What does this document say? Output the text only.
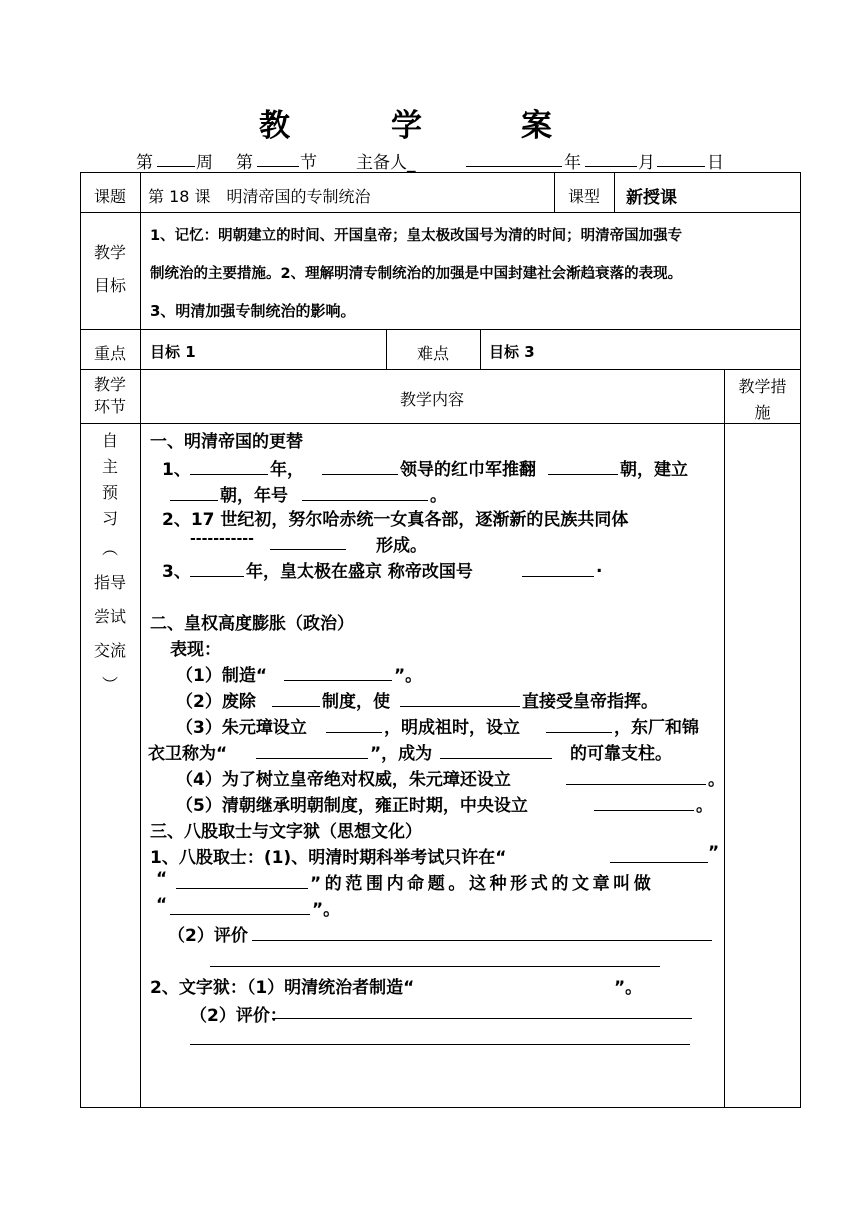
教	学	案
第	周 第	节 主备人_	年	月	日
课题	第 18 课　明清帝国的专制统治	课型	新授课
教学
目标
1、记忆：明朝建立的时间、开国皇帝；皇太极改国号为清的时间；明清帝国加强专
制统治的主要措施。2、理解明清专制统治的加强是中国封建社会渐趋衰落的表现。
3、明清加强专制统治的影响。
重点	目标 1	难点	目标 3
教学
环节	教学内容
教学措
施
自
主
预
习
︵
指导
尝试
交流
︶
一、明清帝国的更替
1、	年，	领导的红巾军推翻	朝，建立
朝，年号	。
2、17 世纪初，努尔哈赤统一女真各部，逐渐新的民族共同体
-----------	形成。
3、	年，皇太极在盛京 称帝改国号	.
二、皇权高度膨胀（政治）
表现：
（1）制造“	”。
（2）废除	制度，使	直接受皇帝指挥。
（3）朱元璋设立	，明成祖时，设立	，东厂和锦
衣卫称为“	”，成为	的可靠支柱。
（4）为了树立皇帝绝对权威，朱元璋还设立	。
（5）清朝继承明朝制度，雍正时期，中央设立	。
三、八股取士与文字狱（思想文化）
1、八股取士：(1)、明清时期科举考试只许在“	”
“	”的范围内命题。这种形式的文章叫做
“	”。
（2）评价
2、文字狱：（1）明清统治者制造“	”。
（2）评价：
